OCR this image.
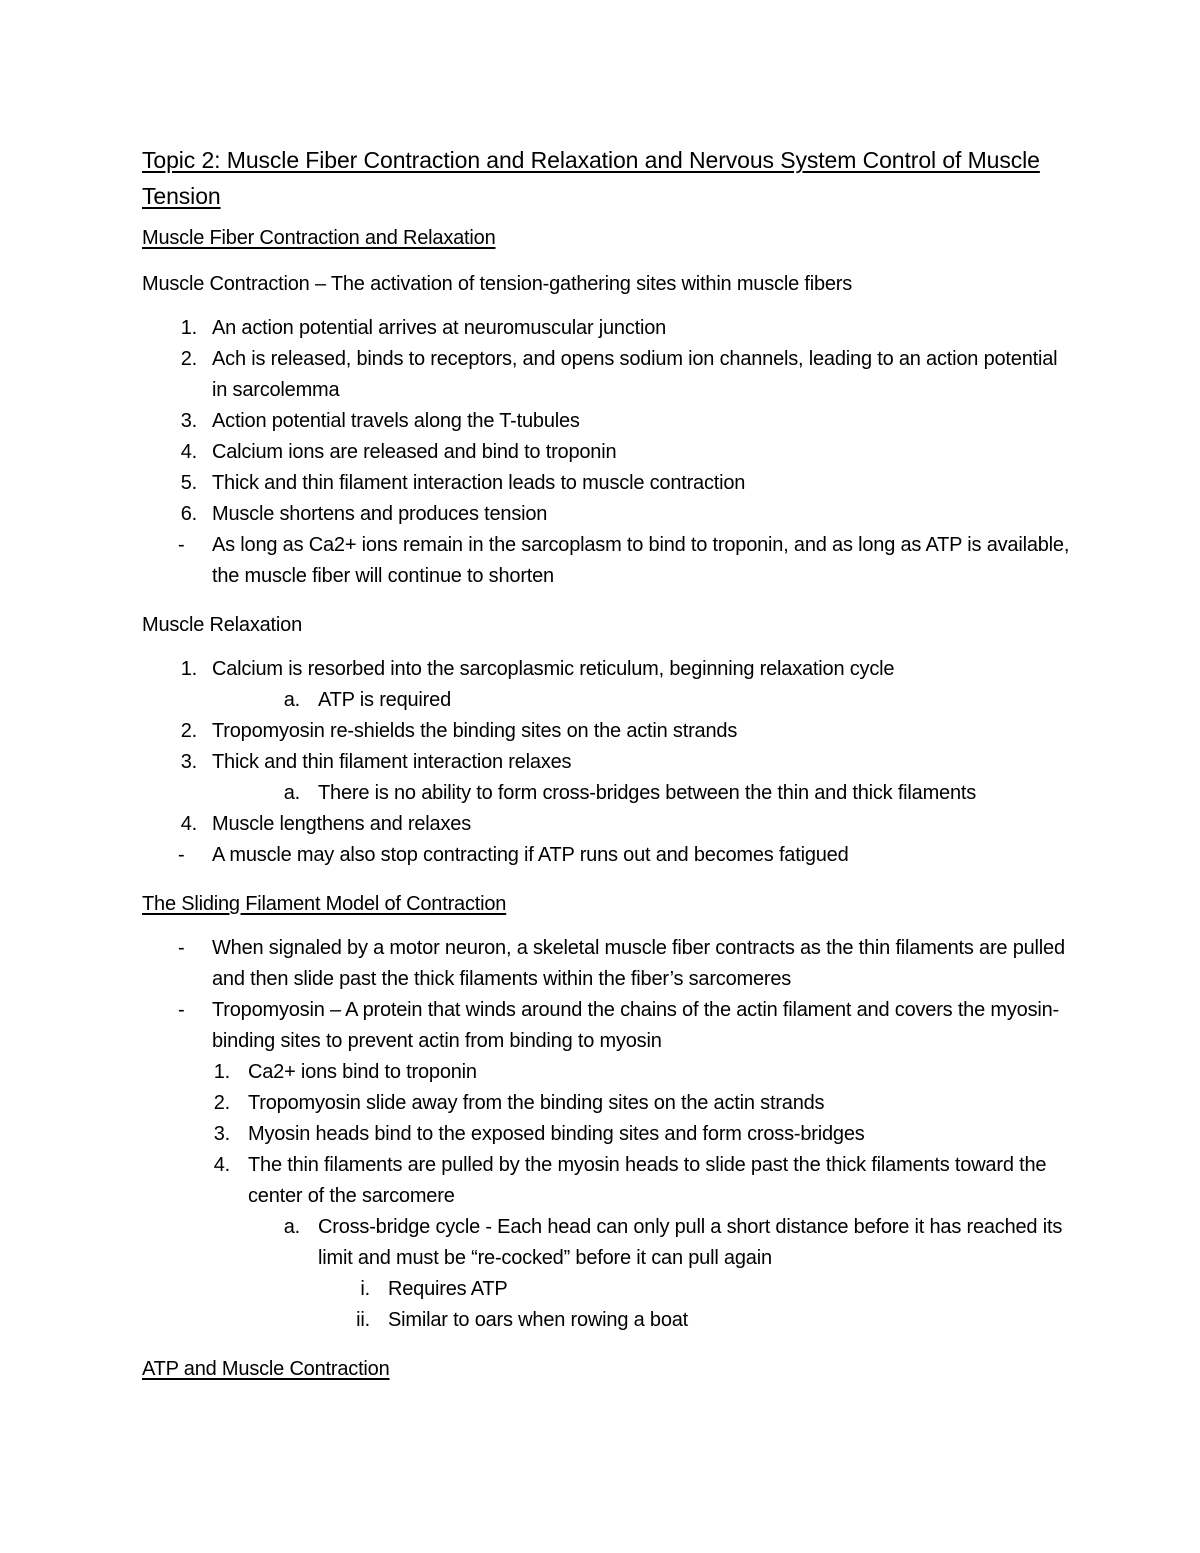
Topic 2: Muscle Fiber Contraction and Relaxation and Nervous System Control of Muscle Tension
Muscle Fiber Contraction and Relaxation

Muscle Contraction – The activation of tension-gathering sites within muscle fibers

1. An action potential arrives at neuromuscular junction
2. Ach is released, binds to receptors, and opens sodium ion channels, leading to an action potential in sarcolemma
3. Action potential travels along the T-tubules
4. Calcium ions are released and bind to troponin
5. Thick and thin filament interaction leads to muscle contraction
6. Muscle shortens and produces tension
- As long as Ca2+ ions remain in the sarcoplasm to bind to troponin, and as long as ATP is available, the muscle fiber will continue to shorten

Muscle Relaxation

1. Calcium is resorbed into the sarcoplasmic reticulum, beginning relaxation cycle
a. ATP is required
2. Tropomyosin re-shields the binding sites on the actin strands
3. Thick and thin filament interaction relaxes
a. There is no ability to form cross-bridges between the thin and thick filaments
4. Muscle lengthens and relaxes
- A muscle may also stop contracting if ATP runs out and becomes fatigued
The Sliding Filament Model of Contraction
- When signaled by a motor neuron, a skeletal muscle fiber contracts as the thin filaments are pulled and then slide past the thick filaments within the fiber’s sarcomeres
- Tropomyosin – A protein that winds around the chains of the actin filament and covers the myosin-binding sites to prevent actin from binding to myosin
1. Ca2+ ions bind to troponin
2. Tropomyosin slide away from the binding sites on the actin strands
3. Myosin heads bind to the exposed binding sites and form cross-bridges
4. The thin filaments are pulled by the myosin heads to slide past the thick filaments toward the center of the sarcomere
a. Cross-bridge cycle - Each head can only pull a short distance before it has reached its limit and must be “re-cocked” before it can pull again
i. Requires ATP
ii. Similar to oars when rowing a boat
ATP and Muscle Contraction
